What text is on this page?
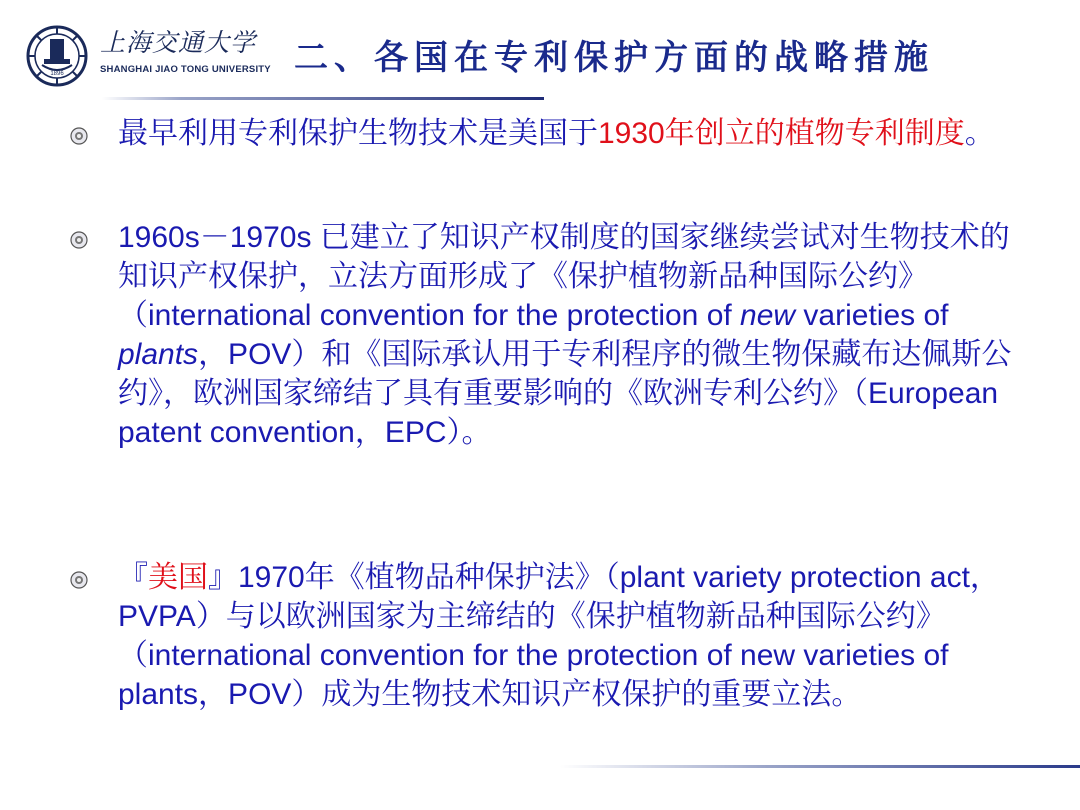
1896
上海交通大学
SHANGHAI JIAO TONG UNIVERSITY 二、各国在专利保护方面的战略措施
最早利用专利保护生物技术是美国于1930年创立的植物专利制度。
1960s－1970s 已建立了知识产权制度的国家继续尝试对生物技术的知识产权保护，立法方面形成了《保护植物新品种国际公约》（international convention for the protection of new varieties of plants，POV）和《国际承认用于专利程序的微生物保藏布达佩斯公约》，欧洲国家缔结了具有重要影响的《欧洲专利公约》（European patent convention，EPC）。
『美国』1970年《植物品种保护法》（plant variety protection act，PVPA）与以欧洲国家为主缔结的《保护植物新品种国际公约》（international convention for the protection of new varieties of plants，POV）成为生物技术知识产权保护的重要立法。
